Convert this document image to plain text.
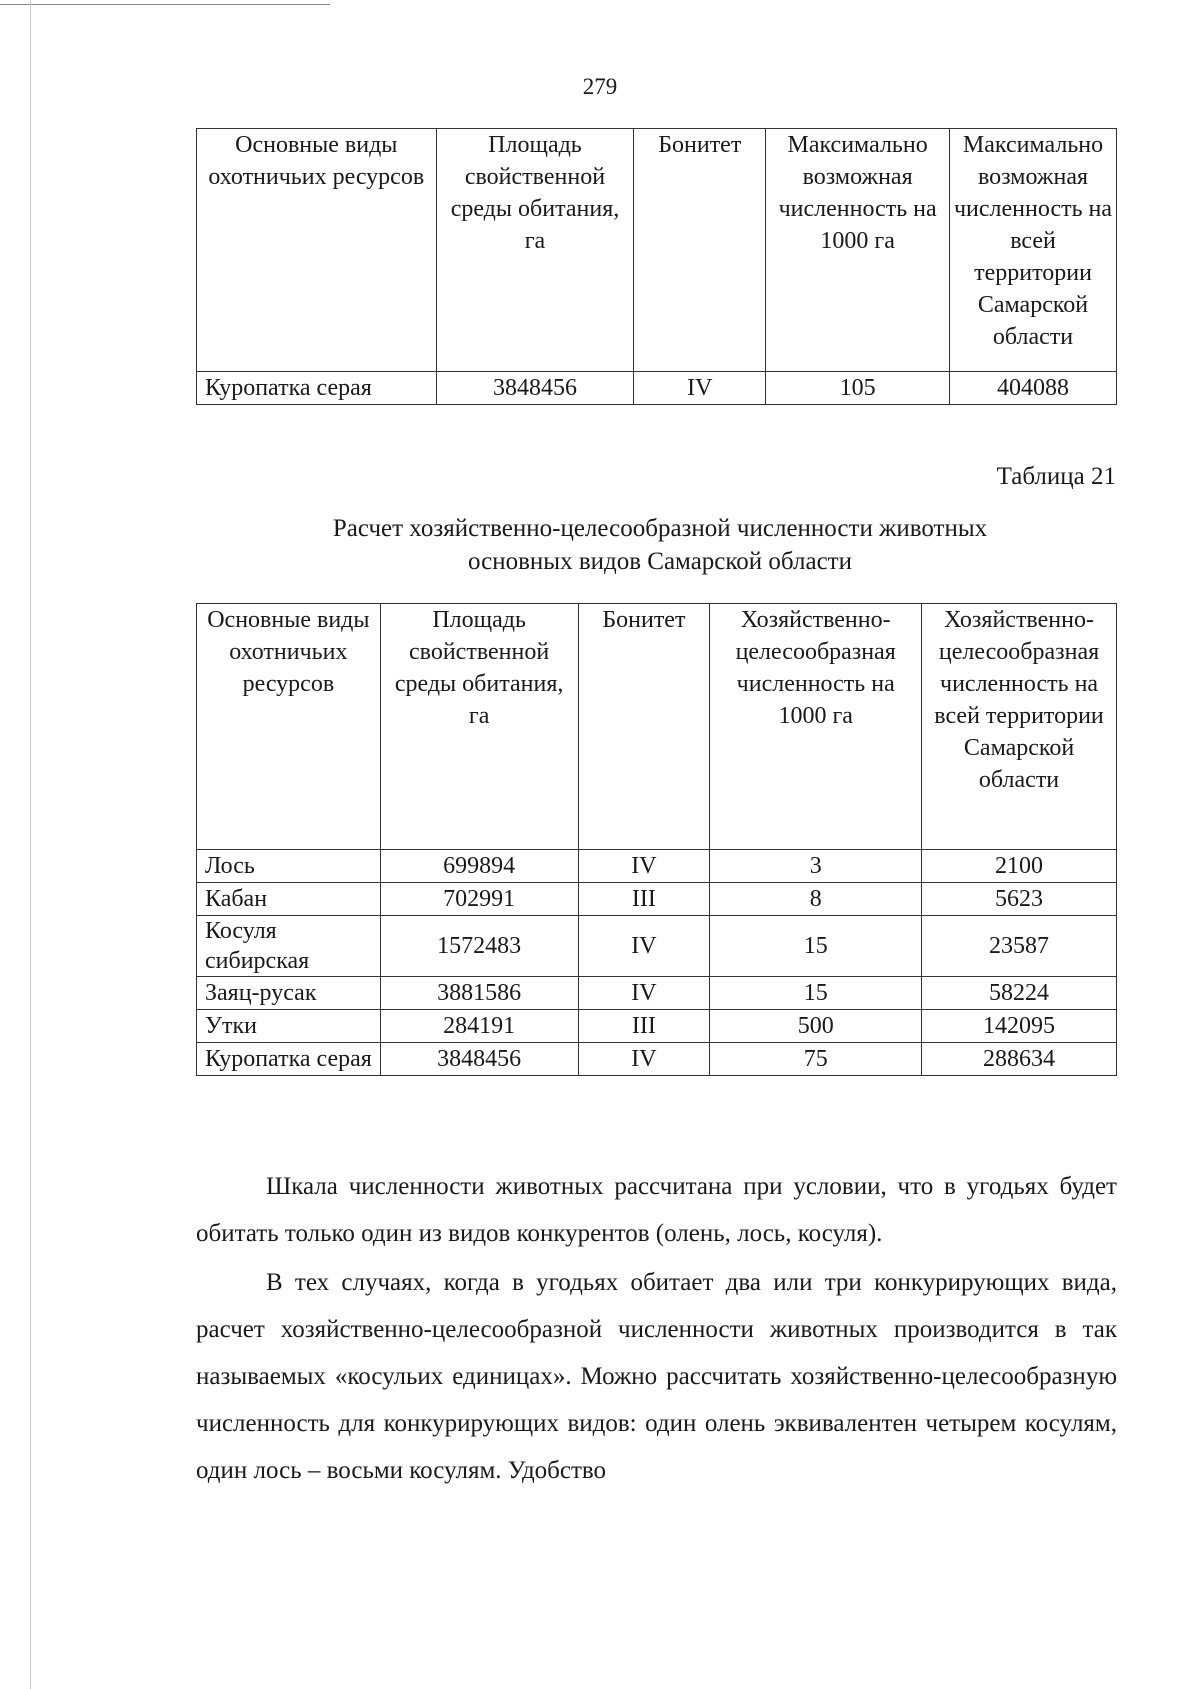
279
Основные виды охотничьих ресурсов	Площадь свойственной среды обитания, га	Бонитет	Максимально возможная численность на 1000 га	Максимально возможная численность на всей территории Самарской области
Куропатка серая	3848456	IV	105	404088
Таблица 21
Расчет хозяйственно-целесообразной численности животных
основных видов Самарской области
Основные виды охотничьих ресурсов	Площадь свойственной среды обитания, га	Бонитет	Хозяйственно-целесообразная численность на 1000 га	Хозяйственно-целесообразная численность на всей территории Самарской области
Лось	699894	IV	3	2100
Кабан	702991	III	8	5623
Косуля сибирская	1572483	IV	15	23587
Заяц-русак	3881586	IV	15	58224
Утки	284191	III	500	142095
Куропатка серая	3848456	IV	75	288634

Шкала численности животных рассчитана при условии, что в угодьях будет обитать только один из видов конкурентов (олень, лось, косуля).

В тех случаях, когда в угодьях обитает два или три конкурирующих вида, расчет хозяйственно-целесообразной численности животных производится в так называемых «косульих единицах». Можно рассчитать хозяйственно-целесообразную численность для конкурирующих видов: один олень эквивалентен четырем косулям, один лось – восьми косулям. Удобство
